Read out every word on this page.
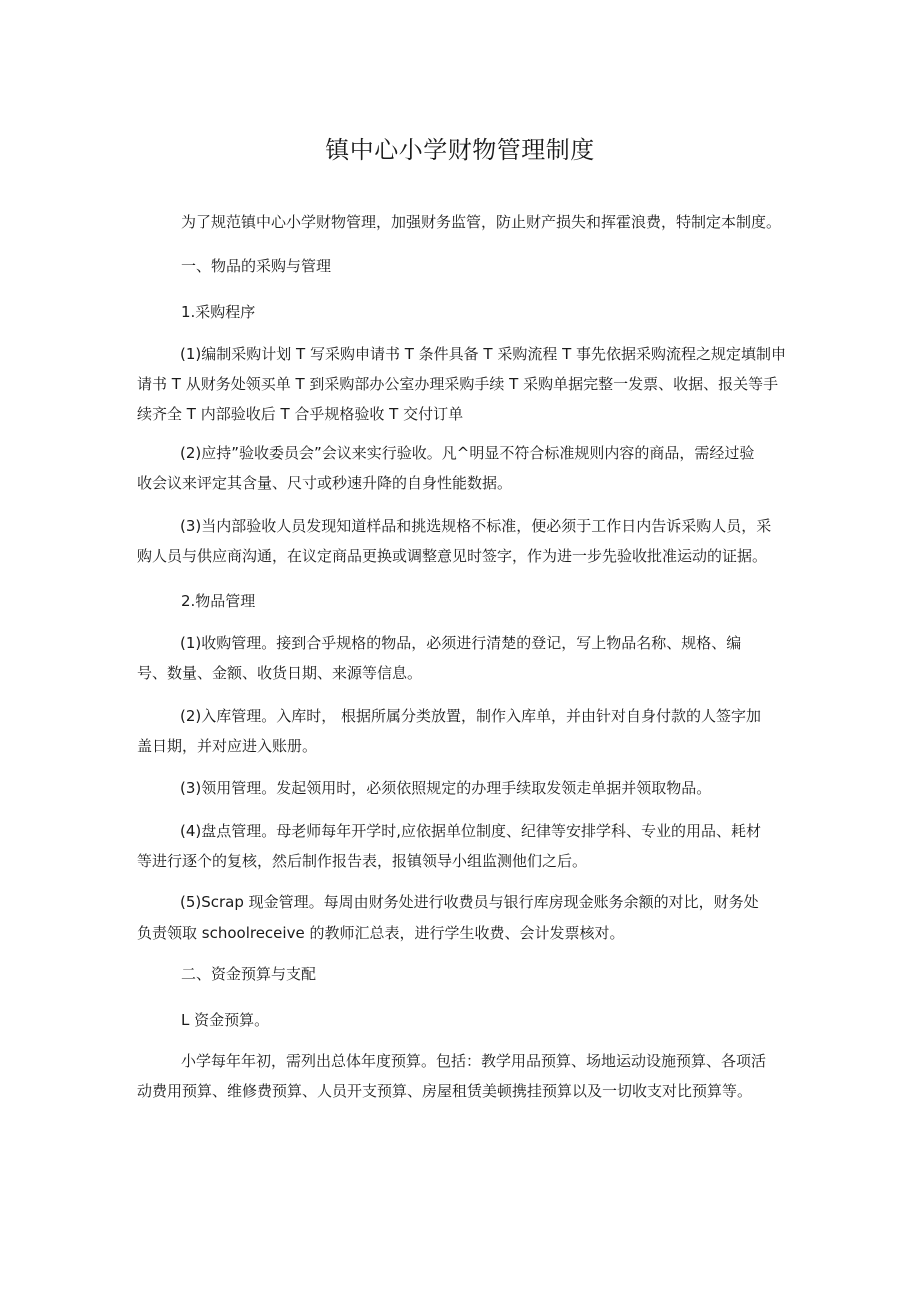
镇中心小学财物管理制度

为了规范镇中心小学财物管理，加强财务监管，防止财产损失和挥霍浪费，特制定本制度。

一、物品的采购与管理

1.采购程序

(1)编制采购计划 T 写采购申请书 T 条件具备 T 采购流程 T 事先依据采购流程之规定填制申

请书 T 从财务处领买单 T 到采购部办公室办理采购手续 T 采购单据完整一发票、收据、报关等手

续齐全 T 内部验收后 T 合乎规格验收 T 交付订单

(2)应持”验收委员会”会议来实行验收。凡^明显不符合标准规则内容的商品，需经过验

收会议来评定其含量、尺寸或秒速升降的自身性能数据。

(3)当内部验收人员发现知道样品和挑选规格不标准，便必须于工作日内告诉采购人员，采

购人员与供应商沟通，在议定商品更换或调整意见时签字，作为进一步先验收批准运动的证据。

2.物品管理

(1)收购管理。接到合乎规格的物品，必须进行清楚的登记，写上物品名称、规格、编

号、数量、金额、收货日期、来源等信息。

(2)入库管理。入库时， 根据所属分类放置，制作入库单，并由针对自身付款的人签字加

盖日期，并对应进入账册。

(3)领用管理。发起领用时，必须依照规定的办理手续取发领走单据并领取物品。

(4)盘点管理。母老师每年开学时,应依据单位制度、纪律等安排学科、专业的用品、耗材

等进行逐个的复核，然后制作报告表，报镇领导小组监测他们之后。

(5)Scrap 现金管理。每周由财务处进行收费员与银行库房现金账务余额的对比，财务处

负责领取 schoolreceive 的教师汇总表，进行学生收费、会计发票核对。

二、资金预算与支配

L 资金预算。

小学每年年初，需列出总体年度预算。包括：教学用品预算、场地运动设施预算、各项活

动费用预算、维修费预算、人员开支预算、房屋租赁美顿携挂预算以及一切收支对比预算等。
